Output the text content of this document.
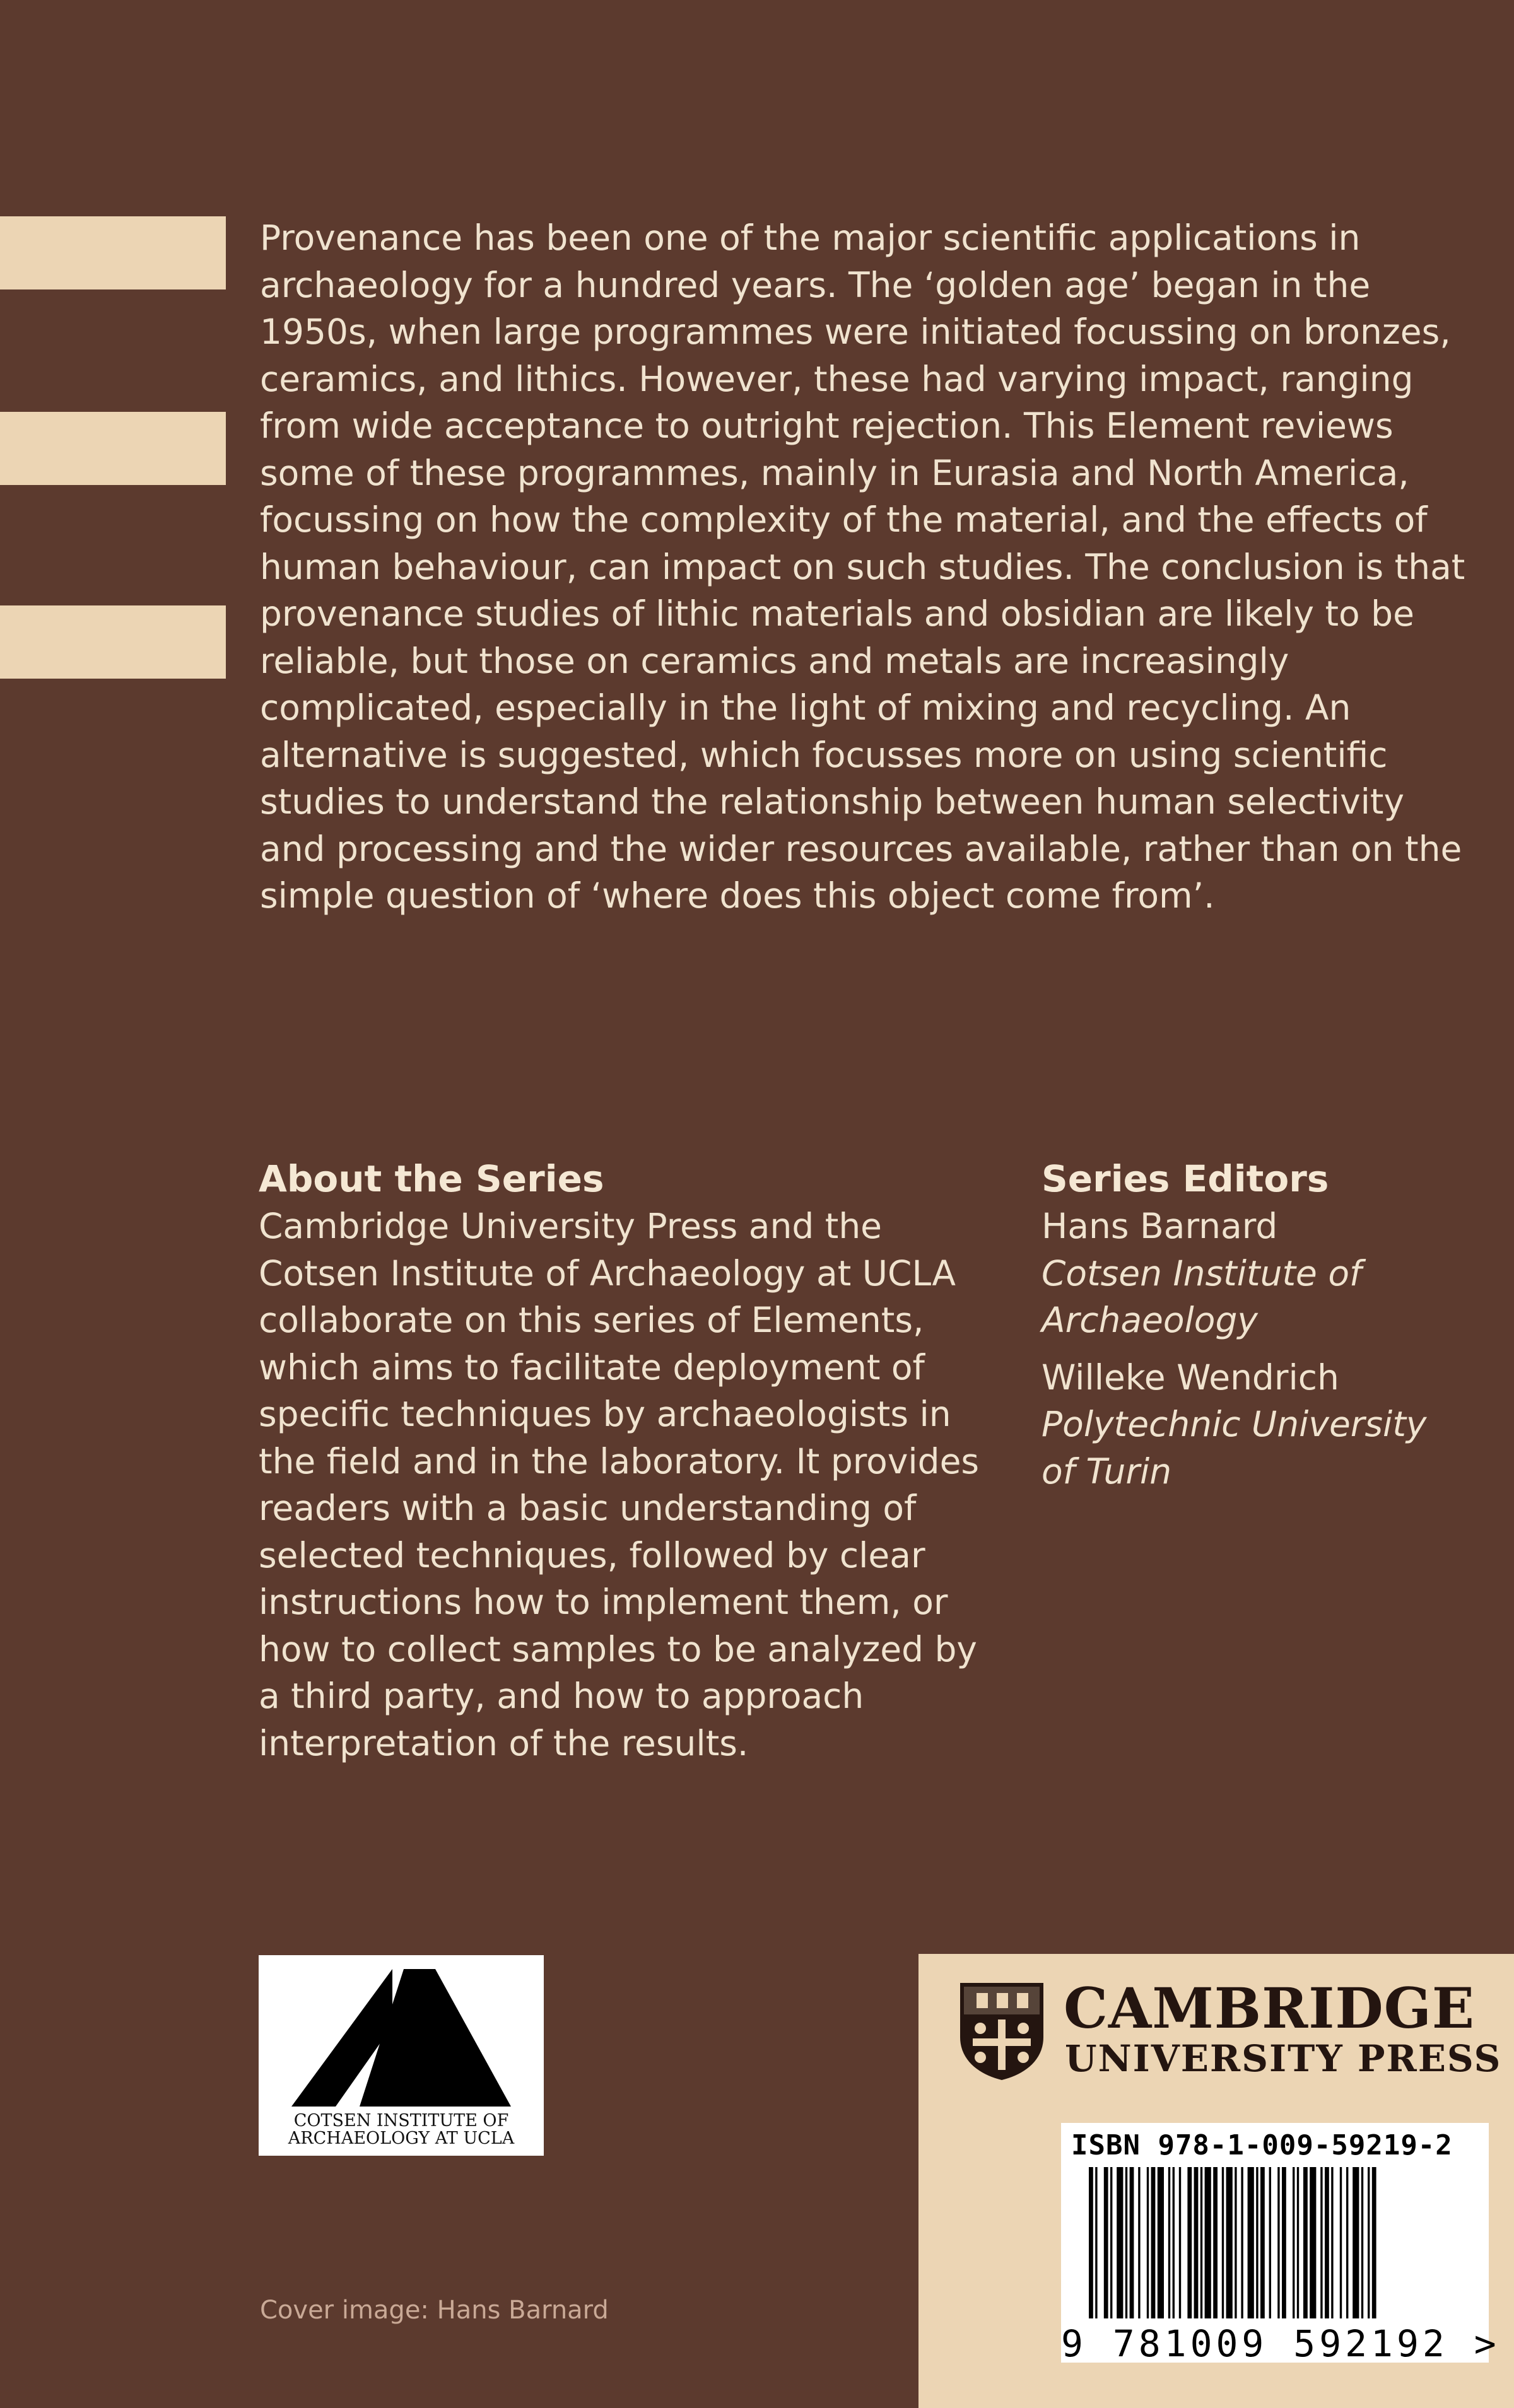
Provenance has been one of the major scientific applications in archaeology for a hundred years. The ‘golden age’ began in the 1950s, when large programmes were initiated focussing on bronzes, ceramics, and lithics. However, these had varying impact, ranging from wide acceptance to outright rejection. This Element reviews some of these programmes, mainly in Eurasia and North America, focussing on how the complexity of the material, and the effects of human behaviour, can impact on such studies. The conclusion is that provenance studies of lithic materials and obsidian are likely to be reliable, but those on ceramics and metals are increasingly complicated, especially in the light of mixing and recycling. An alternative is suggested, which focusses more on using scientific studies to understand the relationship between human selectivity and processing and the wider resources available, rather than on the simple question of ‘where does this object come from’.

About the Series

Cambridge University Press and the Cotsen Institute of Archaeology at UCLA collaborate on this series of Elements, which aims to facilitate deployment of specific techniques by archaeologists in the field and in the laboratory. It provides readers with a basic understanding of selected techniques, followed by clear instructions how to implement them, or how to collect samples to be analyzed by a third party, and how to approach interpretation of the results.

Series Editors
Hans Barnard
Cotsen Institute of Archaeology
Willeke Wendrich
Polytechnic University of Turin
COTSEN INSTITUTE OF
ARCHAEOLOGY AT UCLA
Cover image: Hans Barnard
CAMBRIDGE
UNIVERSITY PRESS
ISBN 978-1-009-59219-2
9 781009 592192 >
